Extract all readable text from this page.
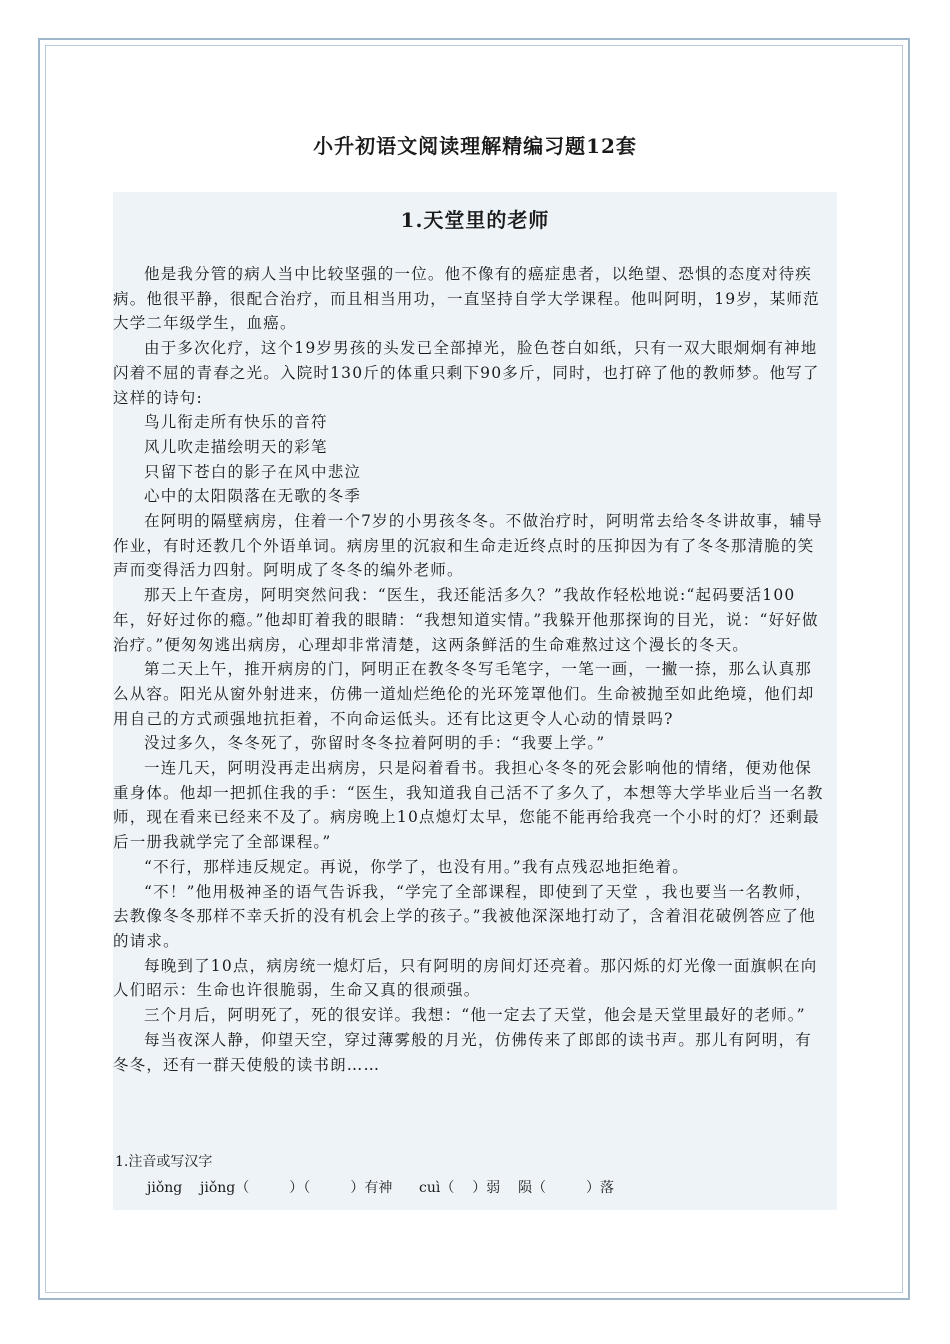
小升初语文阅读理解精编习题12套
1.天堂里的老师

他是我分管的病人当中比较坚强的一位。他不像有的癌症患者，以绝望、恐惧的态度对待疾病。他很平静，很配合治疗，而且相当用功，一直坚持自学大学课程。他叫阿明，19岁，某师范大学二年级学生，血癌。

由于多次化疗，这个19岁男孩的头发已全部掉光，脸色苍白如纸，只有一双大眼炯炯有神地闪着不屈的青春之光。入院时130斤的体重只剩下90多斤，同时，也打碎了他的教师梦。他写了这样的诗句:

鸟儿衔走所有快乐的音符

风儿吹走描绘明天的彩笔

只留下苍白的影子在风中悲泣

心中的太阳陨落在无歌的冬季

在阿明的隔壁病房，住着一个7岁的小男孩冬冬。不做治疗时，阿明常去给冬冬讲故事，辅导作业，有时还教几个外语单词。病房里的沉寂和生命走近终点时的压抑因为有了冬冬那清脆的笑声而变得活力四射。阿明成了冬冬的编外老师。

那天上午查房，阿明突然问我：“医生，我还能活多久？”我故作轻松地说:“起码要活100年，好好过你的瘾。”他却盯着我的眼睛：“我想知道实情。”我躲开他那探询的目光，说：“好好做治疗。”便匆匆逃出病房，心理却非常清楚，这两条鲜活的生命难熬过这个漫长的冬天。

第二天上午，推开病房的门，阿明正在教冬冬写毛笔字，一笔一画，一撇一捺，那么认真那么从容。阳光从窗外射进来，仿佛一道灿烂绝伦的光环笼罩他们。生命被抛至如此绝境，他们却用自己的方式顽强地抗拒着，不向命运低头。还有比这更令人心动的情景吗?

没过多久，冬冬死了，弥留时冬冬拉着阿明的手：“我要上学。”

一连几天，阿明没再走出病房，只是闷着看书。我担心冬冬的死会影响他的情绪，便劝他保重身体。他却一把抓住我的手：“医生，我知道我自己活不了多久了，本想等大学毕业后当一名教师，现在看来已经来不及了。病房晚上10点熄灯太早，您能不能再给我亮一个小时的灯？还剩最后一册我就学完了全部课程。”

“不行，那样违反规定。再说，你学了，也没有用。”我有点残忍地拒绝着。

“不！”他用极神圣的语气告诉我，“学完了全部课程，即使到了天堂 ，我也要当一名教师，去教像冬冬那样不幸夭折的没有机会上学的孩子。”我被他深深地打动了，含着泪花破例答应了他的请求。

每晚到了10点，病房统一熄灯后，只有阿明的房间灯还亮着。那闪烁的灯光像一面旗帜在向人们昭示：生命也许很脆弱，生命又真的很顽强。

三个月后，阿明死了，死的很安详。我想：“他一定去了天堂，他会是天堂里最好的老师。”

每当夜深人静，仰望天空，穿过薄雾般的月光，仿佛传来了郎郎的读书声。那儿有阿明，有冬冬，还有一群天使般的读书朗……

1.注音或写汉字
jiǒng    jiǒng（         ）（         ）有神      cuì（    ）弱    陨（         ）落
